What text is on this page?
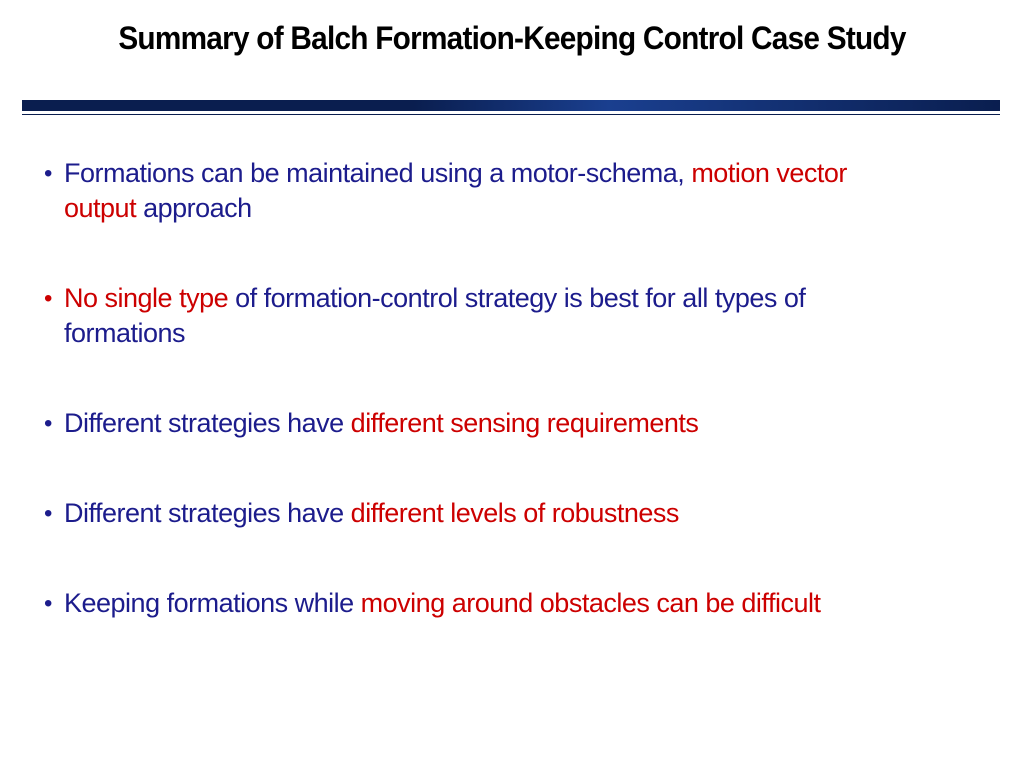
Summary of Balch Formation-Keeping Control Case Study
• Formations can be maintained using a motor-schema, motion vector output approach
• No single type of formation-control strategy is best for all types of formations
• Different strategies have different sensing requirements
• Different strategies have different levels of robustness
• Keeping formations while moving around obstacles can be difficult
